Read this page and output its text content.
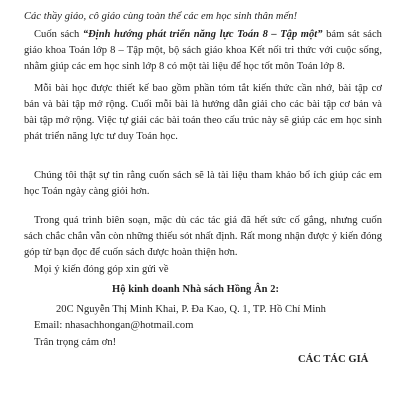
Các thầy giáo, cô giáo cùng toàn thể các em học sinh thân mến!

Cuốn sách “Định hướng phát triển năng lực Toán 8 – Tập một” bám sát sách giáo khoa Toán lớp 8 – Tập một, bộ sách giáo khoa Kết nối tri thức với cuộc sống, nhằm giúp các em học sinh lớp 8 có một tài liệu để học tốt môn Toán lớp 8.

Mỗi bài học được thiết kế bao gồm phần tóm tắt kiến thức cần nhớ, bài tập cơ bản và bài tập mở rộng. Cuối mỗi bài là hướng dẫn giải cho các bài tập cơ bản và bài tập mở rộng. Việc tự giải các bài toán theo cấu trúc này sẽ giúp các em học sinh phát triển năng lực tư duy Toán học.

Chúng tôi thật sự tin rằng cuốn sách sẽ là tài liệu tham khảo bổ ích giúp các em học Toán ngày càng giỏi hơn.

Trong quá trình biên soạn, mặc dù các tác giả đã hết sức cố gắng, nhưng cuốn sách chắc chắn vẫn còn những thiếu sót nhất định. Rất mong nhận được ý kiến đóng góp từ bạn đọc để cuốn sách được hoàn thiện hơn.

Mọi ý kiến đóng góp xin gửi về

Hộ kinh doanh Nhà sách Hồng Ân 2:

20C Nguyễn Thị Minh Khai, P. Đa Kao, Q. 1, TP. Hồ Chí Minh

Email: nhasachhongan@hotmail.com

Trân trọng cảm ơn!

CÁC TÁC GIẢ
